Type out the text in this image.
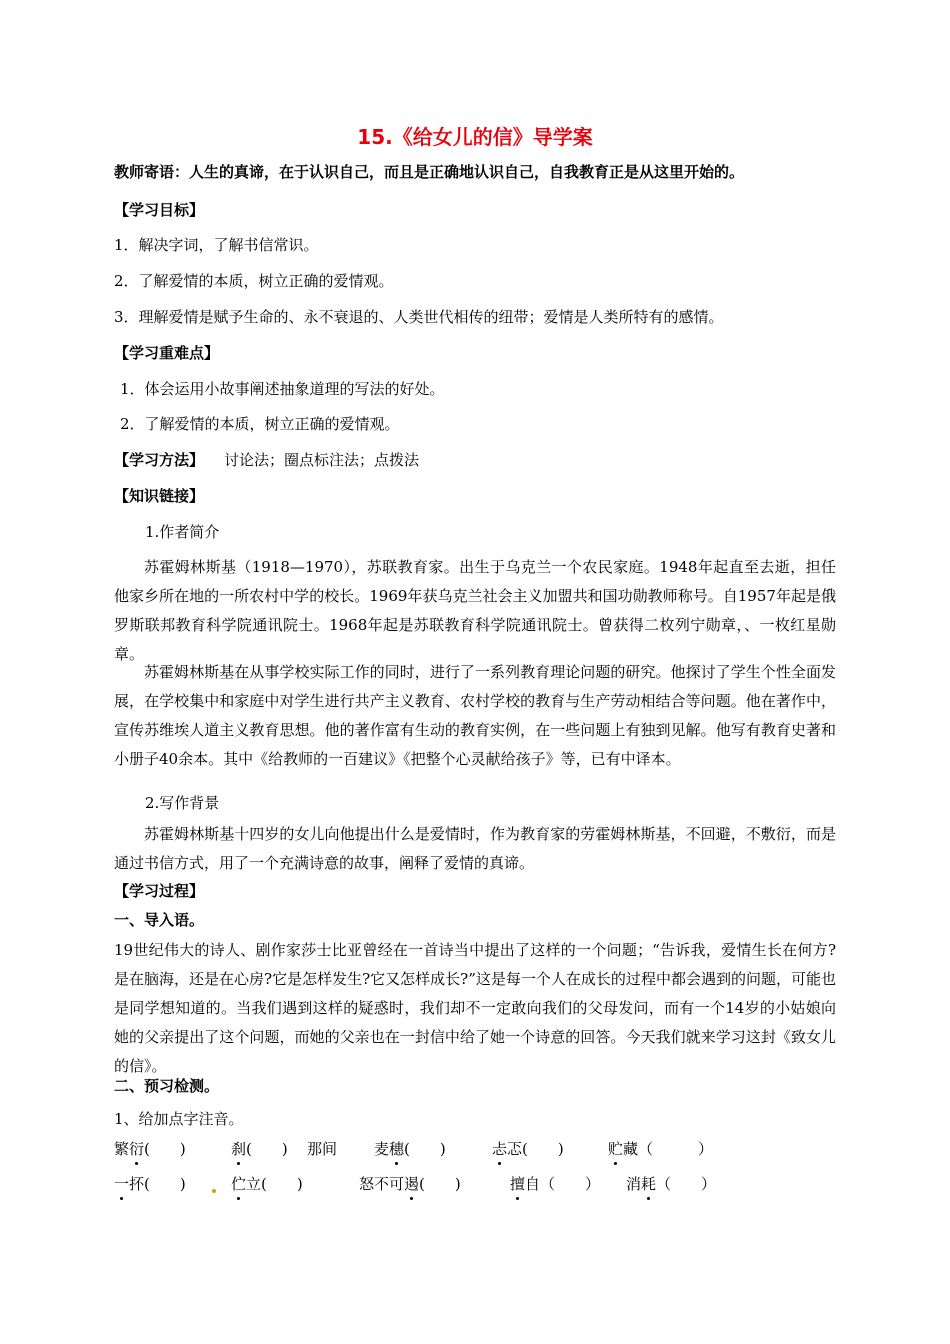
15.《给女儿的信》导学案
教师寄语：人生的真谛，在于认识自己，而且是正确地认识自己，自我教育正是从这里开始的。
【学习目标】
1．解决字词，了解书信常识。
2．了解爱情的本质，树立正确的爱情观。
3．理解爱情是赋予生命的、永不衰退的、人类世代相传的纽带；爱情是人类所特有的感情。
【学习重难点】
1．体会运用小故事阐述抽象道理的写法的好处。
2．了解爱情的本质，树立正确的爱情观。
【学习方法】 讨论法；圈点标注法；点拨法
【知识链接】
1.作者简介
苏霍姆林斯基（1918—1970），苏联教育家。出生于乌克兰一个农民家庭。1948年起直至去逝，担任他家乡所在地的一所农村中学的校长。1969年获乌克兰社会主义加盟共和国功勋教师称号。自1957年起是俄罗斯联邦教育科学院通讯院士。1968年起是苏联教育科学院通讯院士。曾获得二枚列宁勋章，、一枚红星勋章。
苏霍姆林斯基在从事学校实际工作的同时，进行了一系列教育理论问题的研究。他探讨了学生个性全面发展，在学校集中和家庭中对学生进行共产主义教育、农村学校的教育与生产劳动相结合等问题。他在著作中，宣传苏维埃人道主义教育思想。他的著作富有生动的教育实例，在一些问题上有独到见解。他写有教育史著和小册子40余本。其中《给教师的一百建议》《把整个心灵献给孩子》等，已有中译本。
2.写作背景
苏霍姆林斯基十四岁的女儿向他提出什么是爱情时，作为教育家的劳霍姆林斯基，不回避，不敷衍，而是通过书信方式，用了一个充满诗意的故事，阐释了爱情的真谛。
【学习过程】
一、导入语。
19世纪伟大的诗人、剧作家莎士比亚曾经在一首诗当中提出了这样的一个问题；“告诉我，爱情生长在何方?是在脑海，还是在心房?它是怎样发生?它又怎样成长?”这是每一个人在成长的过程中都会遇到的问题，可能也是同学想知道的。当我们遇到这样的疑惑时，我们却不一定敢向我们的父母发问，而有一个14岁的小姑娘向她的父亲提出了这个问题，而她的父亲也在一封信中给了她一个诗意的回答。今天我们就来学习这封《致女儿的信》。
二、预习检测。
1、给加点字注音。
繁衍(　　)	刹(　　) 那间 麦穗(　　)	忐忑(　　)	贮藏（　　　）
一抔(　　)	伫立(　　)	怒不可遏(　　)	擅自（　　） 消耗（　　）
